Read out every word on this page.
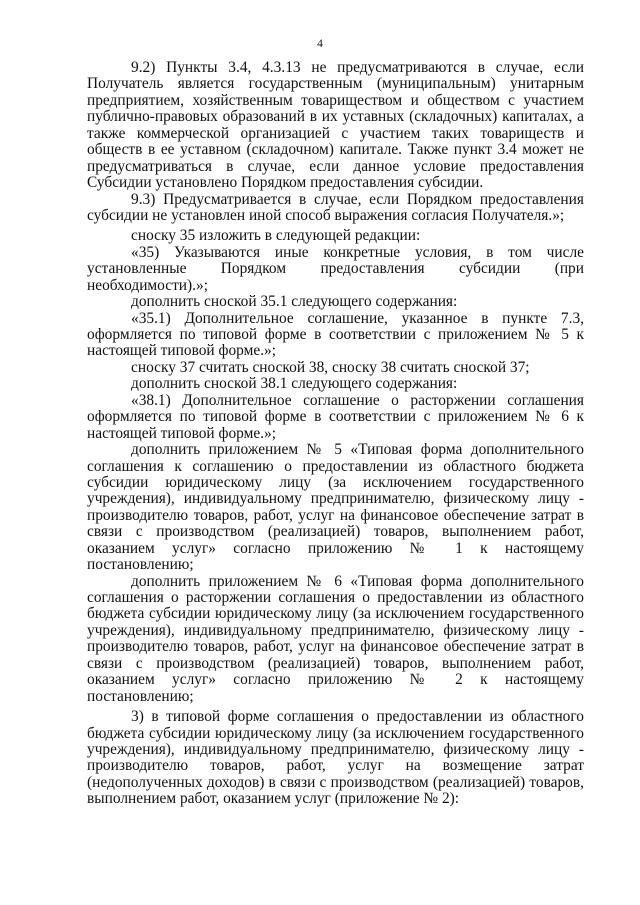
4
9.2) Пункты 3.4, 4.3.13 не предусматриваются в случае, если
Получатель является государственным (муниципальным) унитарным
предприятием, хозяйственным товариществом и обществом с участием
публично-правовых образований в их уставных (складочных) капиталах, а
также коммерческой организацией с участием таких товариществ и
обществ в ее уставном (складочном) капитале. Также пункт 3.4 может не
предусматриваться в случае, если данное условие предоставления
Субсидии установлено Порядком предоставления субсидии.
9.3) Предусматривается в случае, если Порядком предоставления
субсидии не установлен иной способ выражения согласия Получателя.»;
сноску 35 изложить в следующей редакции:
«35) Указываются иные конкретные условия, в том числе
установленные Порядком предоставления субсидии (при
необходимости).»;
дополнить сноской 35.1 следующего содержания:
«35.1) Дополнительное соглашение, указанное в пункте 7.3,
оформляется по типовой форме в соответствии с приложением № 5 к
настоящей типовой форме.»;
сноску 37 считать сноской 38, сноску 38 считать сноской 37;
дополнить сноской 38.1 следующего содержания:
«38.1) Дополнительное соглашение о расторжении соглашения
оформляется по типовой форме в соответствии с приложением № 6 к
настоящей типовой форме.»;
дополнить приложением № 5 «Типовая форма дополнительного
соглашения к соглашению о предоставлении из областного бюджета
субсидии юридическому лицу (за исключением государственного
учреждения), индивидуальному предпринимателю, физическому лицу -
производителю товаров, работ, услуг на финансовое обеспечение затрат в
связи с производством (реализацией) товаров, выполнением работ,
оказанием услуг» согласно приложению № 1 к настоящему
постановлению;
дополнить приложением № 6 «Типовая форма дополнительного
соглашения о расторжении соглашения о предоставлении из областного
бюджета субсидии юридическому лицу (за исключением государственного
учреждения), индивидуальному предпринимателю, физическому лицу -
производителю товаров, работ, услуг на финансовое обеспечение затрат в
связи с производством (реализацией) товаров, выполнением работ,
оказанием услуг» согласно приложению № 2 к настоящему
постановлению;
3) в типовой форме соглашения о предоставлении из областного
бюджета субсидии юридическому лицу (за исключением государственного
учреждения), индивидуальному предпринимателю, физическому лицу -
производителю товаров, работ, услуг на возмещение затрат
(недополученных доходов) в связи с производством (реализацией) товаров,
выполнением работ, оказанием услуг (приложение № 2):
